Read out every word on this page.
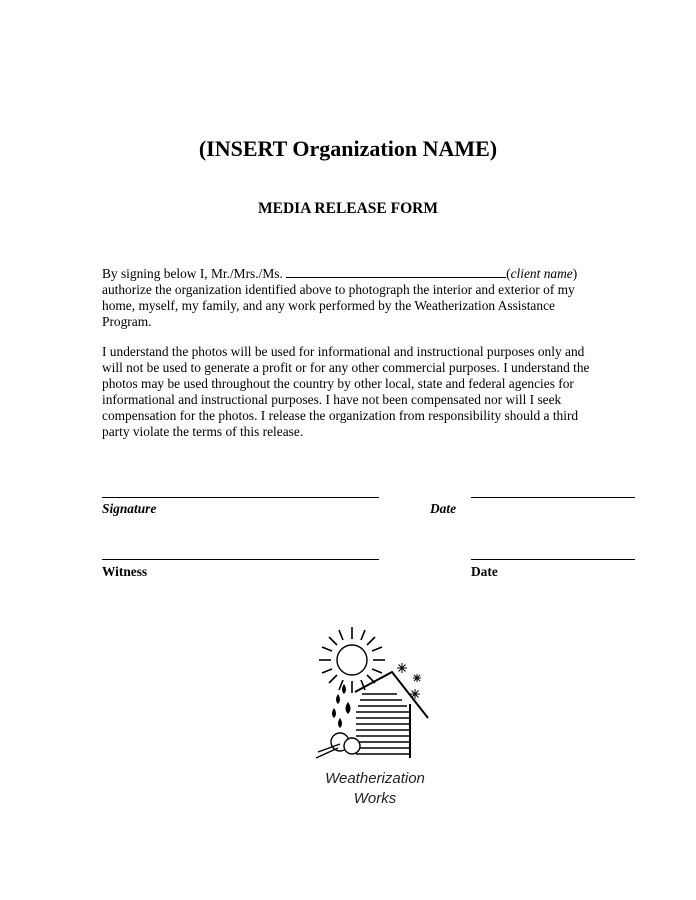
(INSERT Organization NAME)
MEDIA RELEASE FORM
By signing below I, Mr./Mrs./Ms.	(client name) authorize the organization identified above to photograph the interior and exterior of my home, myself, my family, and any work performed by the Weatherization Assistance Program.
I understand the photos will be used for informational and instructional purposes only and will not be used to generate a profit or for any other commercial purposes. I understand the photos may be used throughout the country by other local, state and federal agencies for informational and instructional purposes. I have not been compensated nor will I seek compensation for the photos. I release the organization from responsibility should a third party violate the terms of this release.
Signature	Date
Witness	Date
Weatherization
Works
